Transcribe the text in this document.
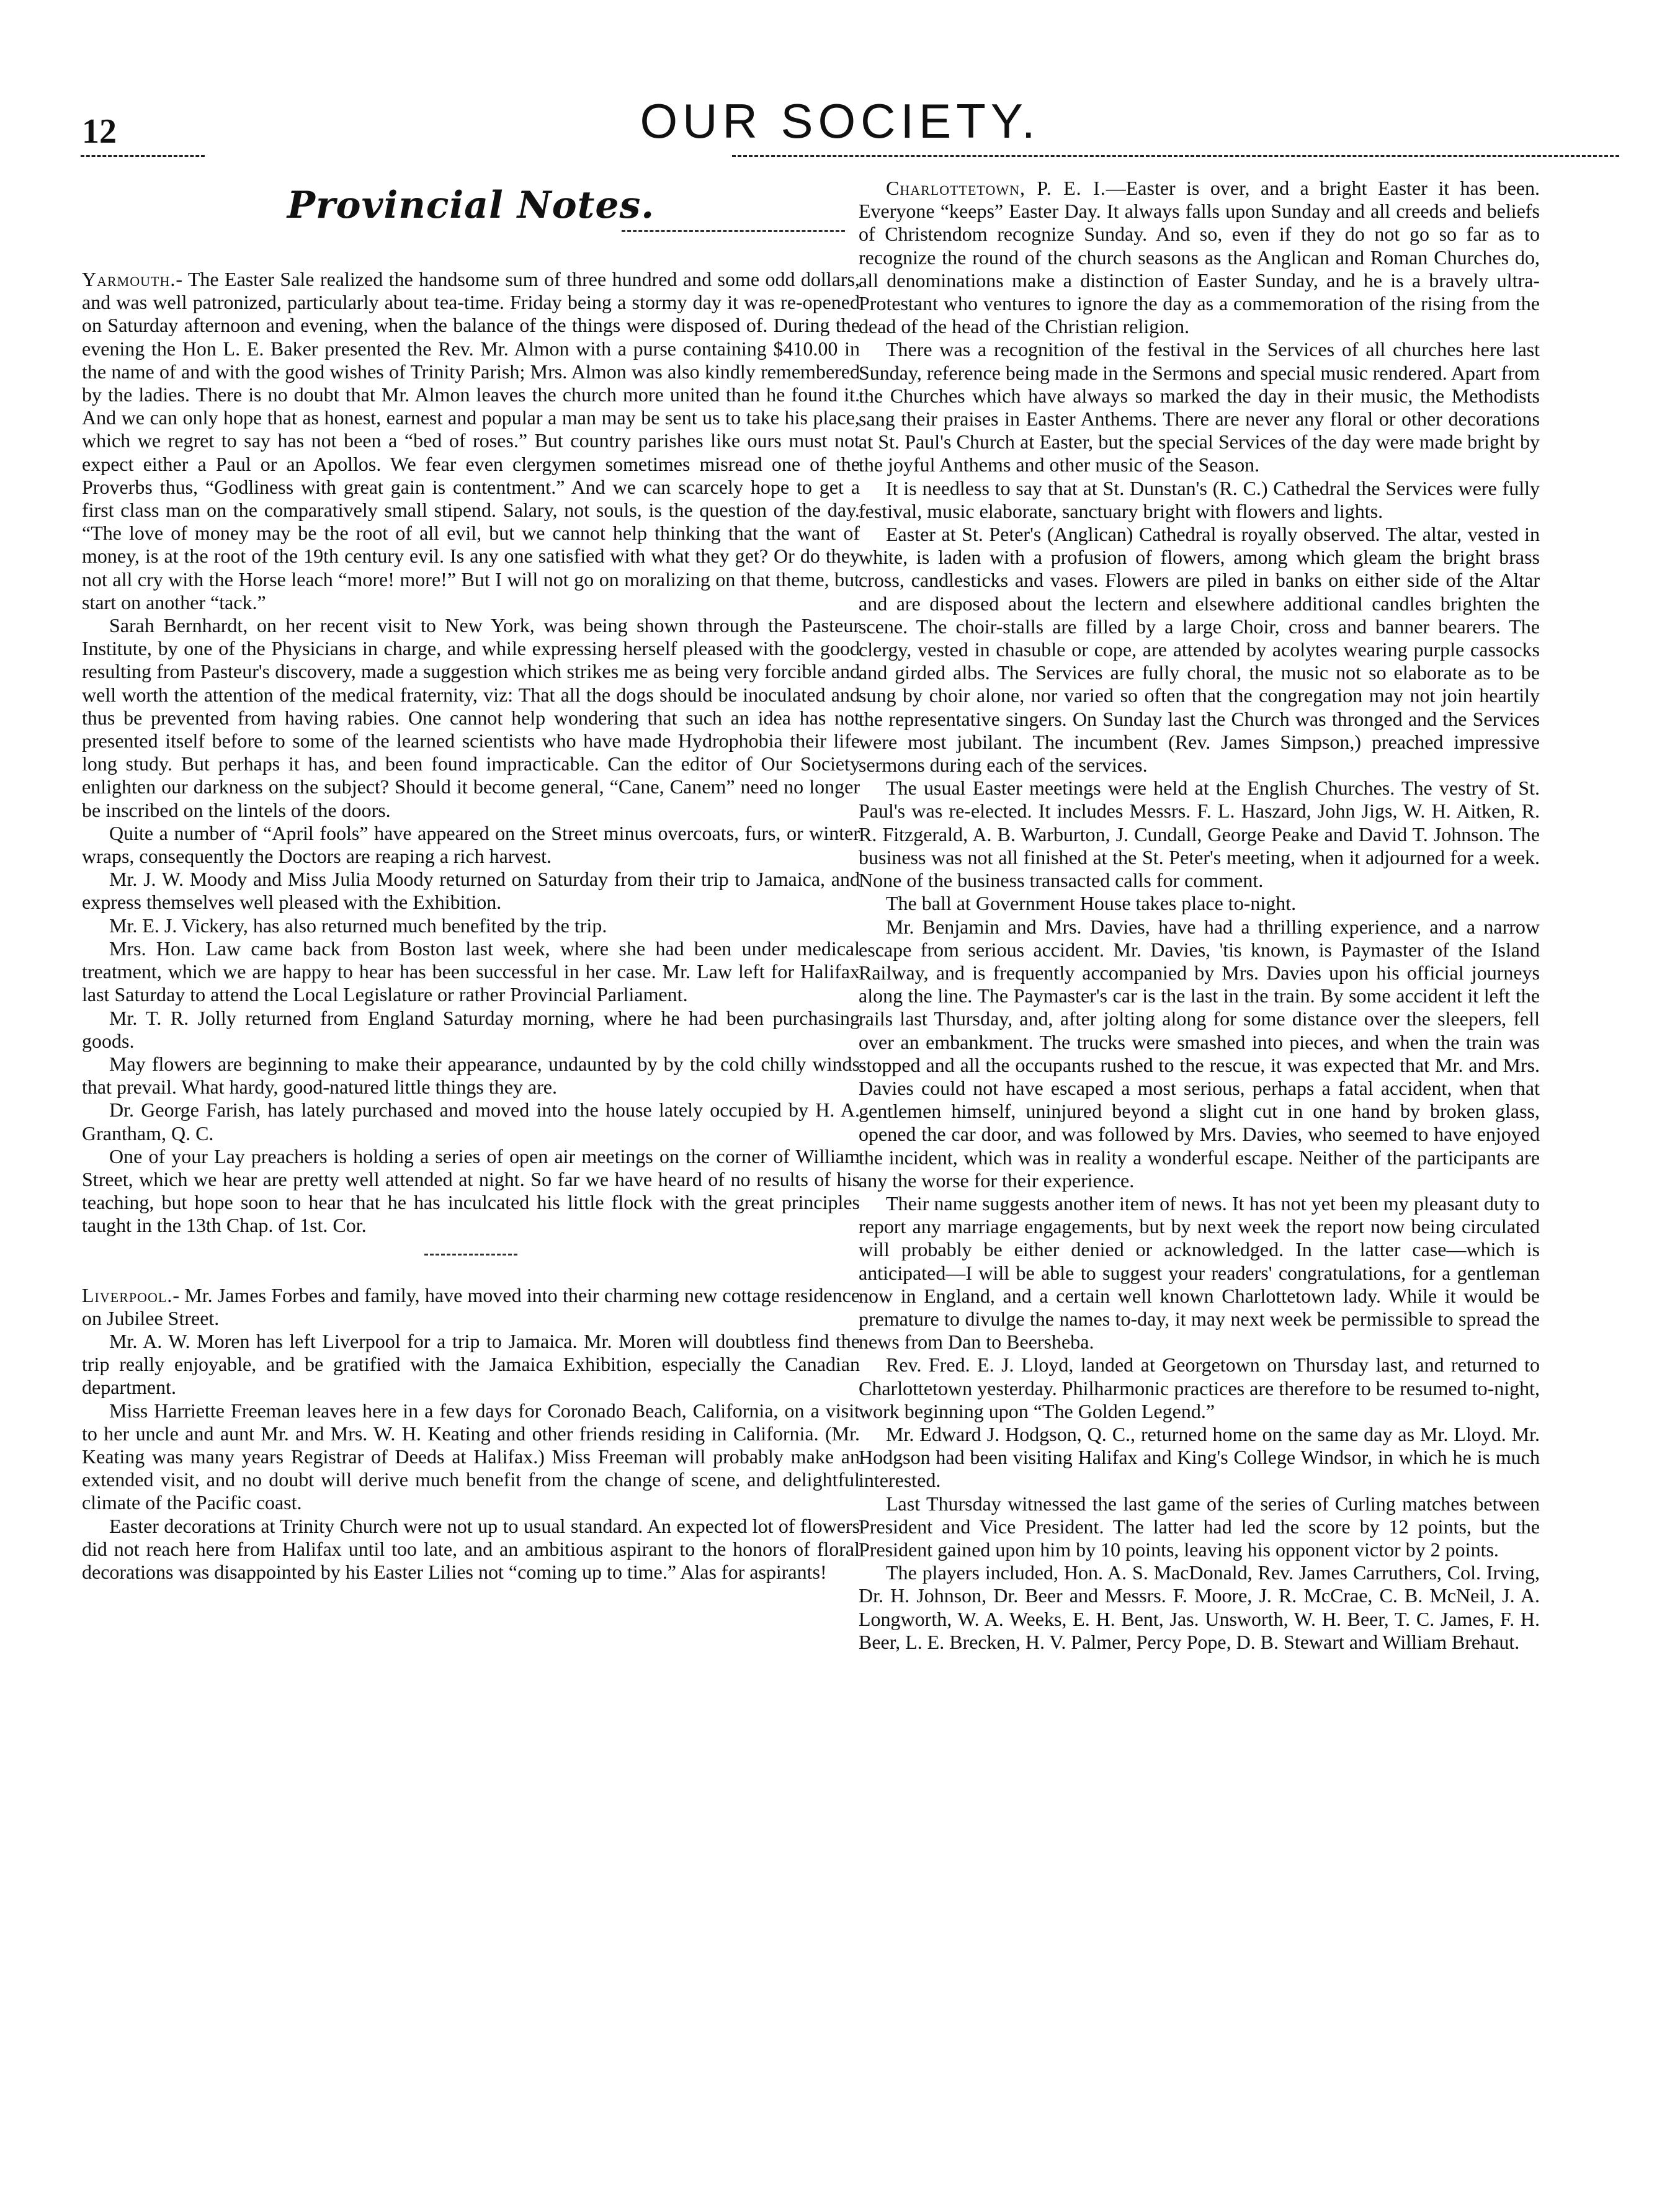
12	OUR SOCIETY.
Provincial Notes.

Yarmouth.- The Easter Sale realized the handsome sum of three hundred and some odd dollars, and was well patronized, particularly about tea-time. Friday being a stormy day it was re-opened on Saturday afternoon and evening, when the balance of the things were disposed of. During the evening the Hon L. E. Baker presented the Rev. Mr. Almon with a purse containing $410.00 in the name of and with the good wishes of Trinity Parish; Mrs. Almon was also kindly remembered by the ladies. There is no doubt that Mr. Almon leaves the church more united than he found it. And we can only hope that as honest, earnest and popular a man may be sent us to take his place, which we regret to say has not been a “bed of roses.” But country parishes like ours must not expect either a Paul or an Apollos. We fear even clergymen sometimes misread one of the Proverbs thus, “Godliness with great gain is contentment.” And we can scarcely hope to get a first class man on the comparatively small stipend. Salary, not souls, is the question of the day. “The love of money may be the root of all evil, but we cannot help thinking that the want of money, is at the root of the 19th century evil. Is any one satisfied with what they get? Or do they not all cry with the Horse leach “more! more!” But I will not go on moralizing on that theme, but start on another “tack.”

Sarah Bernhardt, on her recent visit to New York, was being shown through the Pasteur Institute, by one of the Physicians in charge, and while expressing herself pleased with the good resulting from Pasteur's discovery, made a suggestion which strikes me as being very forcible and well worth the attention of the medical fraternity, viz: That all the dogs should be inoculated and thus be prevented from having rabies. One cannot help wondering that such an idea has not presented itself before to some of the learned scientists who have made Hydrophobia their life long study. But perhaps it has, and been found impracticable. Can the editor of Our Society enlighten our darkness on the subject? Should it become general, “Cane, Canem” need no longer be inscribed on the lintels of the doors.

Quite a number of “April fools” have appeared on the Street minus overcoats, furs, or winter wraps, consequently the Doctors are reaping a rich harvest.

Mr. J. W. Moody and Miss Julia Moody returned on Saturday from their trip to Jamaica, and express themselves well pleased with the Exhibition.

Mr. E. J. Vickery, has also returned much benefited by the trip.

Mrs. Hon. Law came back from Boston last week, where she had been under medical treatment, which we are happy to hear has been successful in her case. Mr. Law left for Halifax last Saturday to attend the Local Legislature or rather Provincial Parliament.

Mr. T. R. Jolly returned from England Saturday morning, where he had been purchasing goods.

May flowers are beginning to make their appearance, undaunted by by the cold chilly winds that prevail. What hardy, good-natured little things they are.

Dr. George Farish, has lately purchased and moved into the house lately occupied by H. A. Grantham, Q. C.

One of your Lay preachers is holding a series of open air meetings on the corner of William Street, which we hear are pretty well attended at night. So far we have heard of no results of his teaching, but hope soon to hear that he has inculcated his little flock with the great principles taught in the 13th Chap. of 1st. Cor.

Liverpool.- Mr. James Forbes and family, have moved into their charming new cottage residence on Jubilee Street.

Mr. A. W. Moren has left Liverpool for a trip to Jamaica. Mr. Moren will doubtless find the trip really enjoyable, and be gratified with the Jamaica Exhibition, especially the Canadian department.

Miss Harriette Freeman leaves here in a few days for Coronado Beach, California, on a visit to her uncle and aunt Mr. and Mrs. W. H. Keating and other friends residing in California. (Mr. Keating was many years Registrar of Deeds at Halifax.) Miss Freeman will probably make an extended visit, and no doubt will derive much benefit from the change of scene, and delightful climate of the Pacific coast.

Easter decorations at Trinity Church were not up to usual standard. An expected lot of flowers did not reach here from Halifax until too late, and an ambitious aspirant to the honors of floral decorations was disappointed by his Easter Lilies not “coming up to time.” Alas for aspirants!

Charlottetown, P. E. I.—Easter is over, and a bright Easter it has been. Everyone “keeps” Easter Day. It always falls upon Sunday and all creeds and beliefs of Christendom recognize Sunday. And so, even if they do not go so far as to recognize the round of the church seasons as the Anglican and Roman Churches do, all denominations make a distinction of Easter Sunday, and he is a bravely ultra-Protestant who ventures to ignore the day as a commemoration of the rising from the dead of the head of the Christian religion.

There was a recognition of the festival in the Services of all churches here last Sunday, reference being made in the Sermons and special music rendered. Apart from the Churches which have always so marked the day in their music, the Methodists sang their praises in Easter Anthems. There are never any floral or other decorations at St. Paul's Church at Easter, but the special Services of the day were made bright by the joyful Anthems and other music of the Season.

It is needless to say that at St. Dunstan's (R. C.) Cathedral the Services were fully festival, music elaborate, sanctuary bright with flowers and lights.

Easter at St. Peter's (Anglican) Cathedral is royally observed. The altar, vested in white, is laden with a profusion of flowers, among which gleam the bright brass cross, candlesticks and vases. Flowers are piled in banks on either side of the Altar and are disposed about the lectern and elsewhere additional candles brighten the scene. The choir-stalls are filled by a large Choir, cross and banner bearers. The clergy, vested in chasuble or cope, are attended by acolytes wearing purple cassocks and girded albs. The Services are fully choral, the music not so elaborate as to be sung by choir alone, nor varied so often that the congregation may not join heartily the representative singers. On Sunday last the Church was thronged and the Services were most jubilant. The incumbent (Rev. James Simpson,) preached impressive sermons during each of the services.

The usual Easter meetings were held at the English Churches. The vestry of St. Paul's was re-elected. It includes Messrs. F. L. Haszard, John Jigs, W. H. Aitken, R. R. Fitzgerald, A. B. Warburton, J. Cundall, George Peake and David T. Johnson. The business was not all finished at the St. Peter's meeting, when it adjourned for a week. None of the business transacted calls for comment.

The ball at Government House takes place to-night.

Mr. Benjamin and Mrs. Davies, have had a thrilling experience, and a narrow escape from serious accident. Mr. Davies, 'tis known, is Paymaster of the Island Railway, and is frequently accompanied by Mrs. Davies upon his official journeys along the line. The Paymaster's car is the last in the train. By some accident it left the rails last Thursday, and, after jolting along for some distance over the sleepers, fell over an embankment. The trucks were smashed into pieces, and when the train was stopped and all the occupants rushed to the rescue, it was expected that Mr. and Mrs. Davies could not have escaped a most serious, perhaps a fatal accident, when that gentlemen himself, uninjured beyond a slight cut in one hand by broken glass, opened the car door, and was followed by Mrs. Davies, who seemed to have enjoyed the incident, which was in reality a wonderful escape. Neither of the participants are any the worse for their experience.

Their name suggests another item of news. It has not yet been my pleasant duty to report any marriage engagements, but by next week the report now being circulated will probably be either denied or acknowledged. In the latter case—which is anticipated—I will be able to suggest your readers' congratulations, for a gentleman now in England, and a certain well known Charlottetown lady. While it would be premature to divulge the names to-day, it may next week be permissible to spread the news from Dan to Beersheba.

Rev. Fred. E. J. Lloyd, landed at Georgetown on Thursday last, and returned to Charlottetown yesterday. Philharmonic practices are therefore to be resumed to-night, work beginning upon “The Golden Legend.”

Mr. Edward J. Hodgson, Q. C., returned home on the same day as Mr. Lloyd. Mr. Hodgson had been visiting Halifax and King's College Windsor, in which he is much interested.

Last Thursday witnessed the last game of the series of Curling matches between President and Vice President. The latter had led the score by 12 points, but the President gained upon him by 10 points, leaving his opponent victor by 2 points.

The players included, Hon. A. S. MacDonald, Rev. James Carruthers, Col. Irving, Dr. H. Johnson, Dr. Beer and Messrs. F. Moore, J. R. McCrae, C. B. McNeil, J. A. Longworth, W. A. Weeks, E. H. Bent, Jas. Unsworth, W. H. Beer, T. C. James, F. H. Beer, L. E. Brecken, H. V. Palmer, Percy Pope, D. B. Stewart and William Brehaut.
